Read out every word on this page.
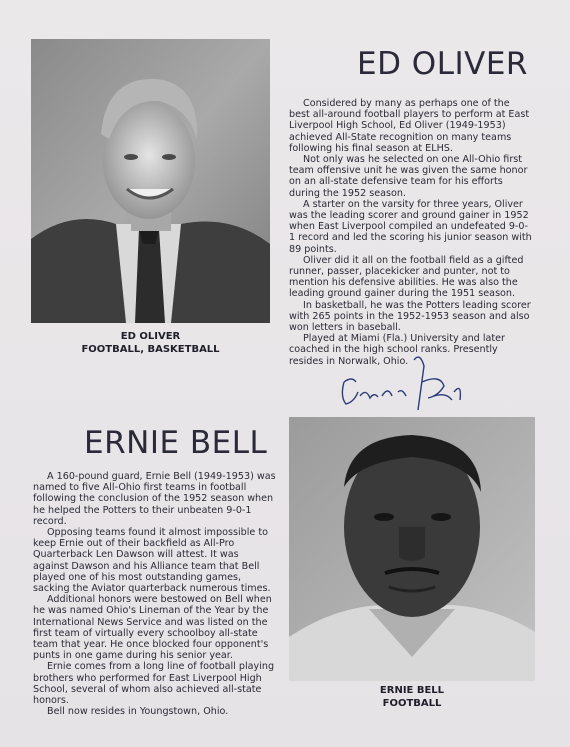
ED OLIVER
FOOTBALL, BASKETBALL
ED OLIVER

Considered by many as perhaps one of the best all-around football players to perform at East Liverpool High School, Ed Oliver (1949-1953) achieved All-State recognition on many teams following his final season at ELHS.

Not only was he selected on one All-Ohio first team offensive unit he was given the same honor on an all-state defensive team for his efforts during the 1952 season.

A starter on the varsity for three years, Oliver was the leading scorer and ground gainer in 1952 when East Liverpool compiled an undefeated 9-0-1 record and led the scoring his junior season with 89 points.

Oliver did it all on the football field as a gifted runner, passer, placekicker and punter, not to mention his defensive abilities. He was also the leading ground gainer during the 1951 season.

In basketball, he was the Potters leading scorer with 265 points in the 1952-1953 season and also won letters in baseball.

Played at Miami (Fla.) University and later coached in the high school ranks. Presently resides in Norwalk, Ohio.

ERNIE BELL

A 160-pound guard, Ernie Bell (1949-1953) was named to five All-Ohio first teams in football following the conclusion of the 1952 season when he helped the Potters to their unbeaten 9-0-1 record.

Opposing teams found it almost impossible to keep Ernie out of their backfield as All-Pro Quarterback Len Dawson will attest. It was against Dawson and his Alliance team that Bell played one of his most outstanding games, sacking the Aviator quarterback numerous times.

Additional honors were bestowed on Bell when he was named Ohio's Lineman of the Year by the International News Service and was listed on the first team of virtually every schoolboy all-state team that year. He once blocked four opponent's punts in one game during his senior year.

Ernie comes from a long line of football playing brothers who performed for East Liverpool High School, several of whom also achieved all-state honors.

Bell now resides in Youngstown, Ohio.

ERNIE BELL
FOOTBALL
